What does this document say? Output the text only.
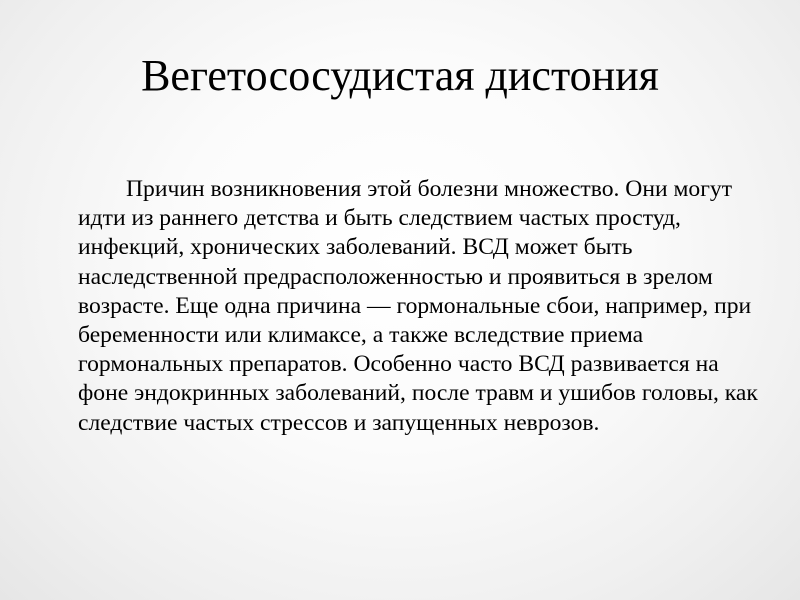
Вегетососудистая дистония

Причин возникновения этой болезни множество. Они могут идти из раннего детства и быть следствием частых простуд, инфекций, хронических заболеваний. ВСД может быть наследственной предрасположенностью и проявиться в зрелом возрасте. Еще одна причина — гормональные сбои, например, при беременности или климаксе, а также вследствие приема гормональных препаратов. Особенно часто ВСД развивается на фоне эндокринных заболеваний, после травм и ушибов головы, как следствие частых стрессов и запущенных неврозов.
